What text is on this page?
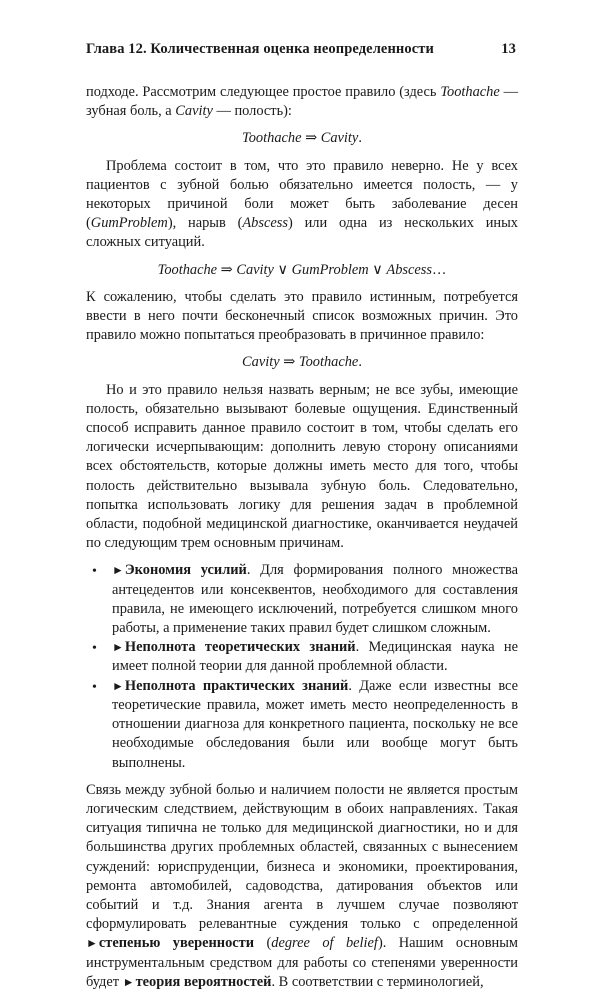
Глава 12. Количественная оценка неопределенности	13

подходе. Рассмотрим следующее простое правило (здесь Toothache — зубная боль, а Cavity — полость):

Toothache ⇒ Cavity.

Проблема состоит в том, что это правило неверно. Не у всех пациентов с зубной болью обязательно имеется полость, — у некоторых причиной боли может быть заболевание десен (GumProblem), нарыв (Abscess) или одна из нескольких иных сложных ситуаций.

Toothache ⇒ Cavity ∨ GumProblem ∨ Abscess…

К сожалению, чтобы сделать это правило истинным, потребуется ввести в него почти бесконечный список возможных причин. Это правило можно попытаться преобразовать в причинное правило:

Cavity ⇒ Toothache.

Но и это правило нельзя назвать верным; не все зубы, имеющие полость, обязательно вызывают болевые ощущения. Единственный способ исправить данное правило состоит в том, чтобы сделать его логически исчерпывающим: дополнить левую сторону описаниями всех обстоятельств, которые должны иметь место для того, чтобы полость действительно вызывала зубную боль. Следовательно, попытка использовать логику для решения задач в проблемной области, подобной медицинской диагностике, оканчивается неудачей по следующим трем основным причинам.

• ►Экономия усилий. Для формирования полного множества антецедентов или консеквентов, необходимого для составления правила, не имеющего исключений, потребуется слишком много работы, а применение таких правил будет слишком сложным.
• ►Неполнота теоретических знаний. Медицинская наука не имеет полной теории для данной проблемной области.
• ►Неполнота практических знаний. Даже если известны все теоретические правила, может иметь место неопределенность в отношении диагноза для конкретного пациента, поскольку не все необходимые обследования были или вообще могут быть выполнены.

Связь между зубной болью и наличием полости не является простым логическим следствием, действующим в обоих направлениях. Такая ситуация типична не только для медицинской диагностики, но и для большинства других проблемных областей, связанных с вынесением суждений: юриспруденции, бизнеса и экономики, проектирования, ремонта автомобилей, садоводства, датирования объектов или событий и т.д. Знания агента в лучшем случае позволяют сформулировать релевантные суждения только с определенной ►степенью уверенности (degree of belief). Нашим основным инструментальным средством для работы со степенями уверенности будет ►теория вероятностей. В соответствии с терминологией,
